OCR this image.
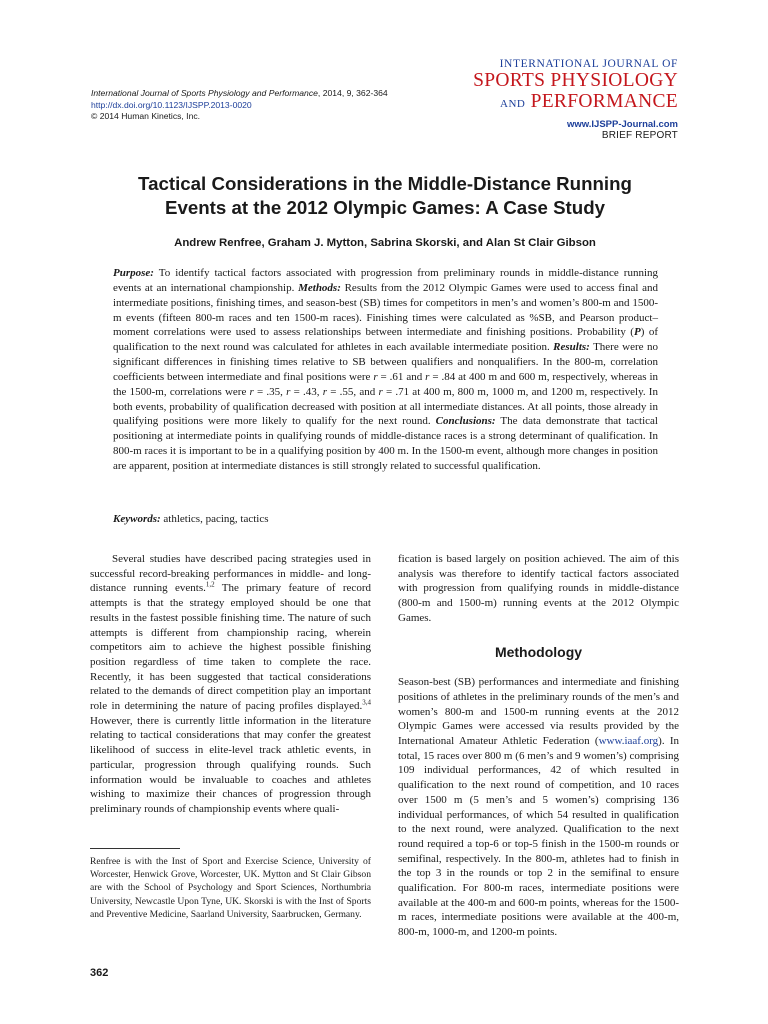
International Journal of Sports Physiology and Performance, 2014, 9, 362-364
http://dx.doi.org/10.1123/IJSPP.2013-0020
© 2014 Human Kinetics, Inc.
INTERNATIONAL JOURNAL OF
SPORTS PHYSIOLOGY
AND PERFORMANCE
www.IJSPP-Journal.com
BRIEF REPORT
Tactical Considerations in the Middle-Distance Running
Events at the 2012 Olympic Games: A Case Study
Andrew Renfree, Graham J. Mytton, Sabrina Skorski, and Alan St Clair Gibson

Purpose: To identify tactical factors associated with progression from preliminary rounds in middle-distance running events at an international championship. Methods: Results from the 2012 Olympic Games were used to access final and intermediate positions, finishing times, and season-best (SB) times for competitors in men’s and women’s 800-m and 1500-m events (fifteen 800-m races and ten 1500-m races). Finishing times were calculated as %SB, and Pearson product–moment correlations were used to assess relationships between intermediate and finishing positions. Probability (P) of qualification to the next round was calculated for athletes in each available intermediate position. Results: There were no significant differences in finishing times relative to SB between qualifiers and nonqualifiers. In the 800-m, correlation coefficients between intermediate and final positions were r = .61 and r = .84 at 400 m and 600 m, respectively, whereas in the 1500-m, correlations were r = .35, r = .43, r = .55, and r = .71 at 400 m, 800 m, 1000 m, and 1200 m, respectively. In both events, probability of qualification decreased with position at all intermediate distances. At all points, those already in qualifying positions were more likely to qualify for the next round. Conclusions: The data demonstrate that tactical positioning at intermediate points in qualifying rounds of middle-distance races is a strong determinant of qualification. In 800-m races it is important to be in a qualifying position by 400 m. In the 1500-m event, although more changes in position are apparent, position at intermediate distances is still strongly related to successful qualification.

Keywords: athletics, pacing, tactics

Several studies have described pacing strategies used in successful record-breaking performances in middle- and long-distance running events.$^{1,2}$ The primary feature of record attempts is that the strategy employed should be one that results in the fastest possible finishing time. The nature of such attempts is different from championship racing, wherein competitors aim to achieve the highest possible finishing position regardless of time taken to complete the race. Recently, it has been suggested that tactical considerations related to the demands of direct competition play an important role in determining the nature of pacing profiles displayed.$^{3,4}$ However, there is currently little information in the literature relating to tactical considerations that may confer the greatest likelihood of success in elite-level track athletic events, in particular, progression through qualifying rounds. Such information would be invaluable to coaches and athletes wishing to maximize their chances of progression through preliminary rounds of championship events where quali-

fication is based largely on position achieved. The aim of this analysis was therefore to identify tactical factors associated with progression from qualifying rounds in middle-distance (800-m and 1500-m) running events at the 2012 Olympic Games.

Methodology

Season-best (SB) performances and intermediate and finishing positions of athletes in the preliminary rounds of the men’s and women’s 800-m and 1500-m running events at the 2012 Olympic Games were accessed via results provided by the International Amateur Athletic Federation (www.iaaf.org). In total, 15 races over 800 m (6 men’s and 9 women’s) comprising 109 individual performances, 42 of which resulted in qualification to the next round of competition, and 10 races over 1500 m (5 men’s and 5 women’s) comprising 136 individual performances, of which 54 resulted in qualification to the next round, were analyzed. Qualification to the next round required a top-6 or top-5 finish in the 1500-m rounds or semifinal, respectively. In the 800-m, athletes had to finish in the top 3 in the rounds or top 2 in the semifinal to ensure qualification. For 800-m races, intermediate positions were available at the 400-m and 600-m points, whereas for the 1500-m races, intermediate positions were available at the 400-m, 800-m, 1000-m, and 1200-m points.

Renfree is with the Inst of Sport and Exercise Science, University of Worcester, Henwick Grove, Worcester, UK. Mytton and St Clair Gibson are with the School of Psychology and Sport Sciences, Northumbria University, Newcastle Upon Tyne, UK. Skorski is with the Inst of Sports and Preventive Medicine, Saarland University, Saarbrucken, Germany.

362
